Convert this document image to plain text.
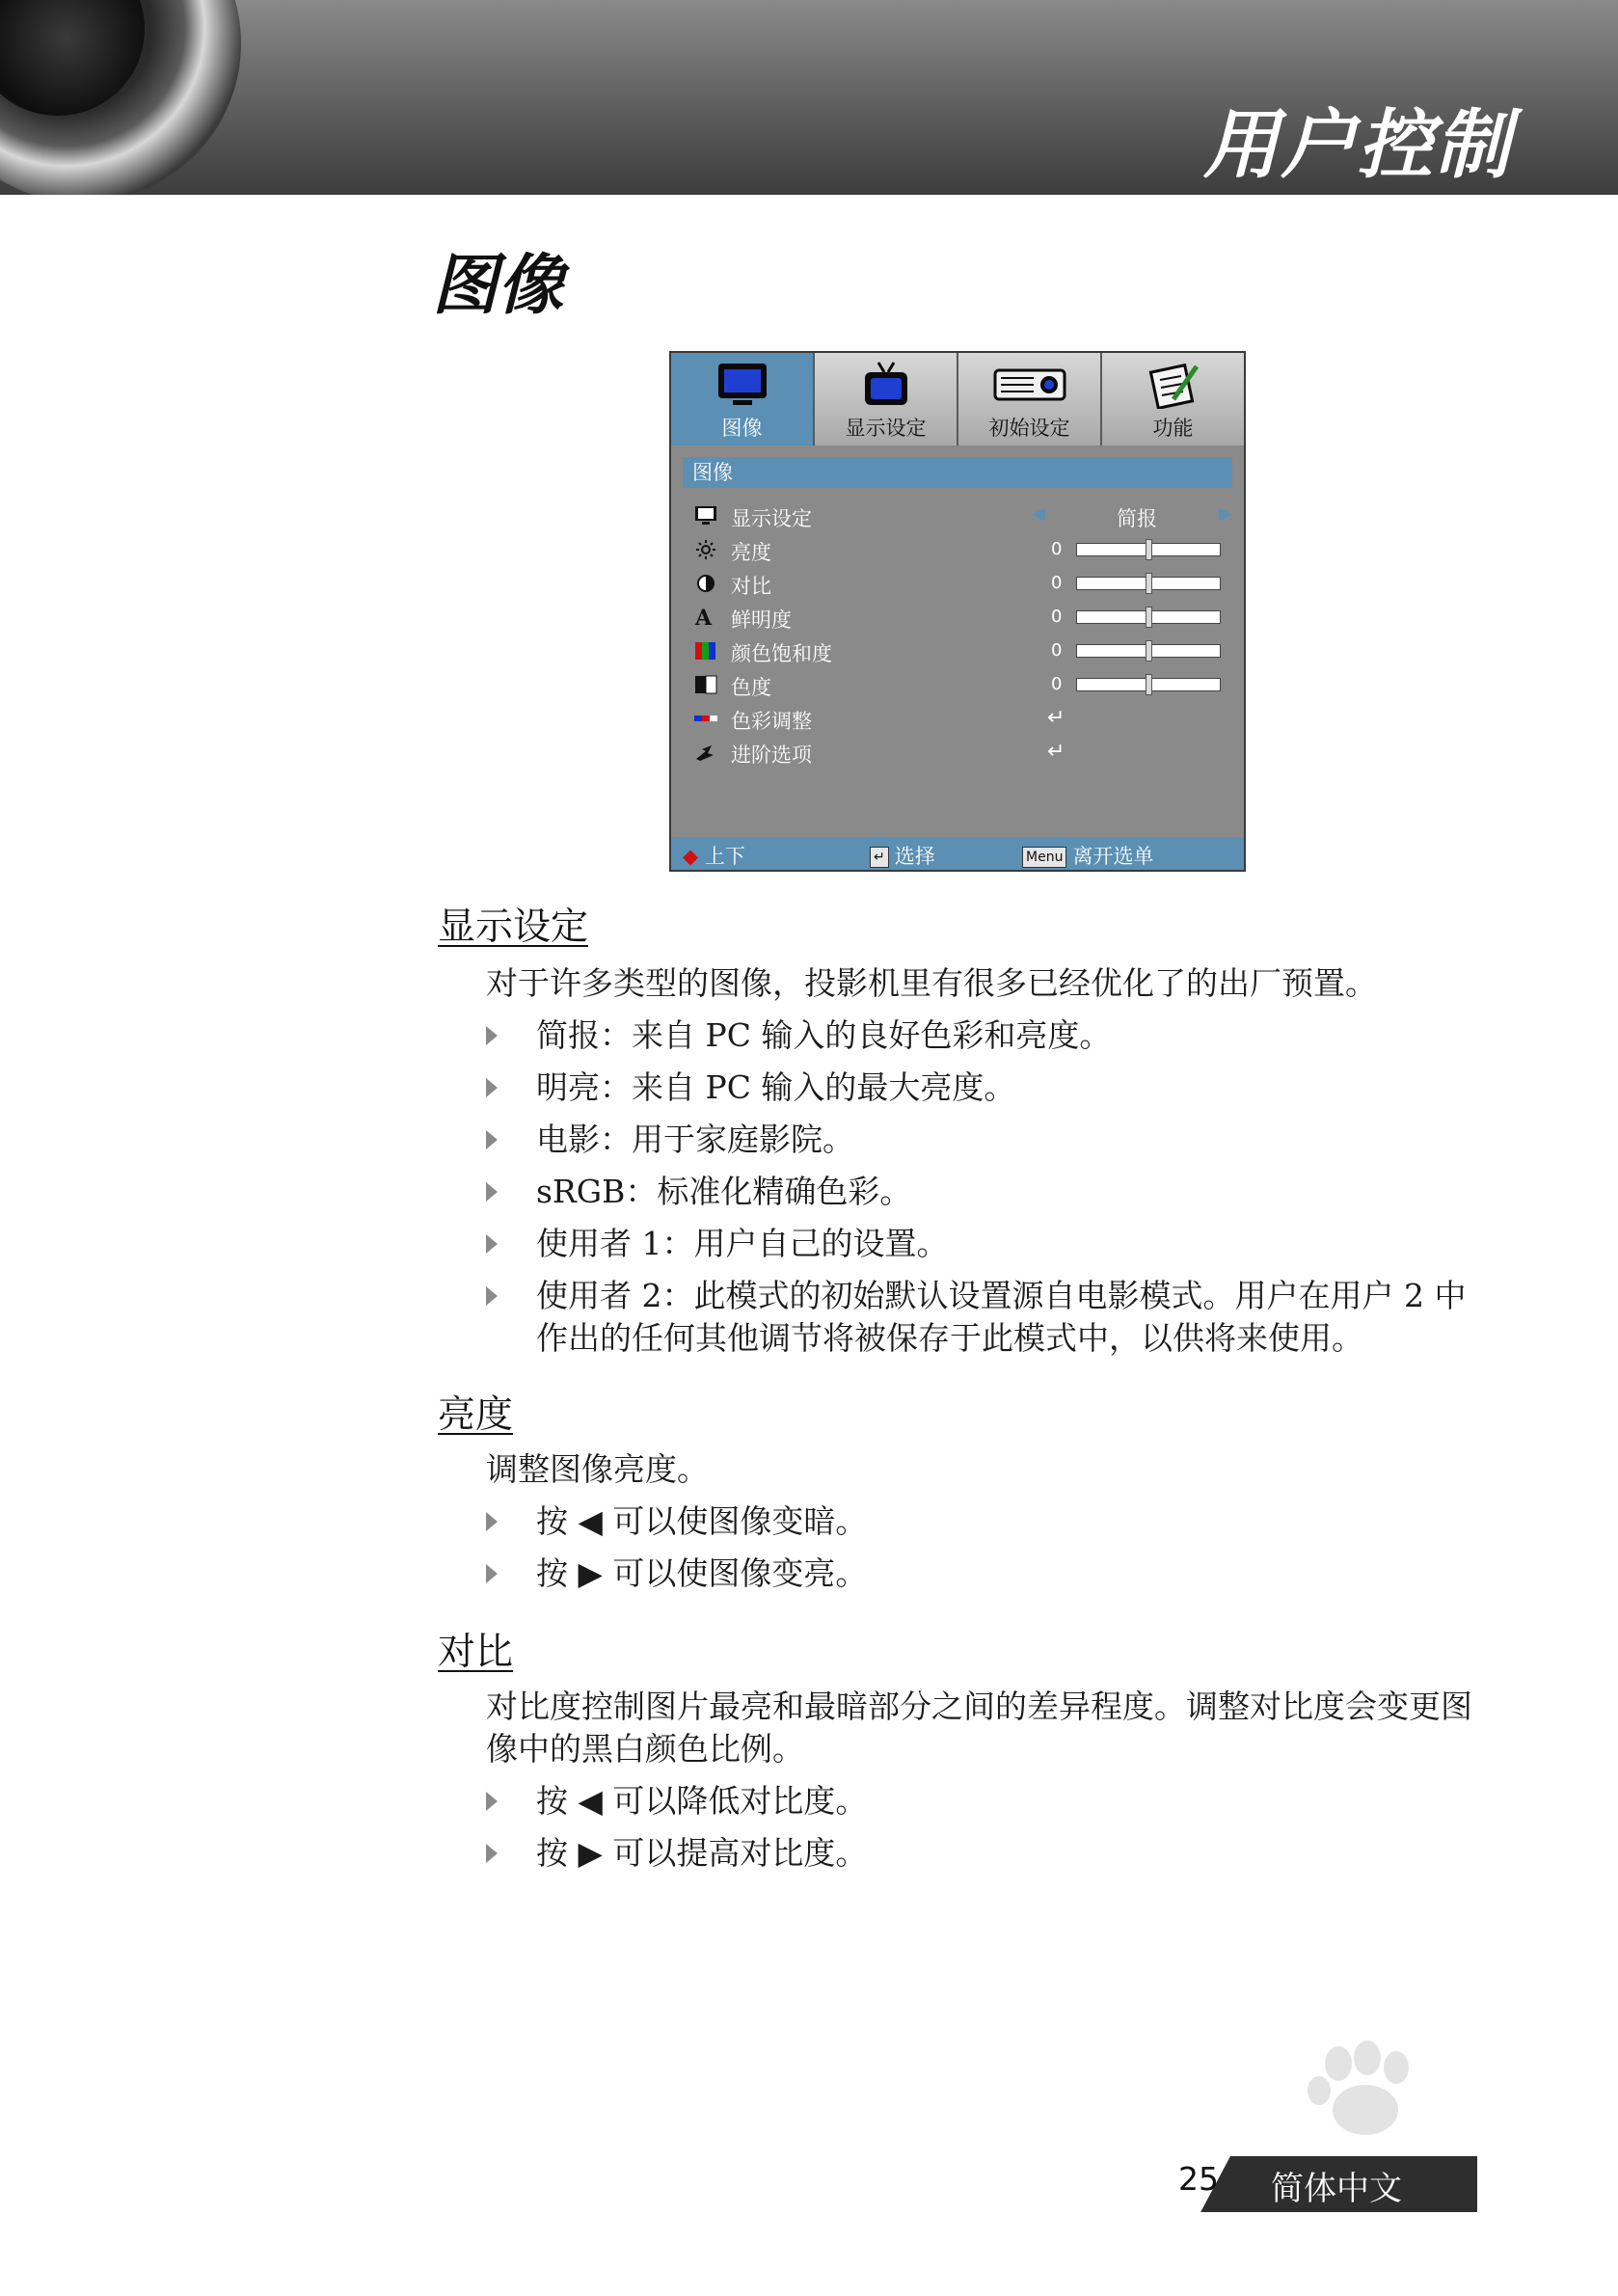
用户控制
图像
图像	显示设定	初始设定	功能
图像
显示设定	◀	简报	▶
亮度	0
对比	0
A 鲜明度	0
颜色饱和度	0
色度	0
色彩调整	↵
进阶选项	↵
◆ 上下	↵ 选择	Menu 离开选单
显示设定
对于许多类型的图像，投影机里有很多已经优化了的出厂预置。
简报：来自 PC 输入的良好色彩和亮度。
明亮：来自 PC 输入的最大亮度。
电影：用于家庭影院。
sRGB：标准化精确色彩。
使用者 1：用户自己的设置。
使用者 2：此模式的初始默认设置源自电影模式。用户在用户 2 中作出的任何其他调节将被保存于此模式中，以供将来使用。
亮度
调整图像亮度。
按 ◀ 可以使图像变暗。
按 ▶ 可以使图像变亮。
对比
对比度控制图片最亮和最暗部分之间的差异程度。调整对比度会变更图像中的黑白颜色比例。
按 ◀ 可以降低对比度。
按 ▶ 可以提高对比度。
25 简体中文
